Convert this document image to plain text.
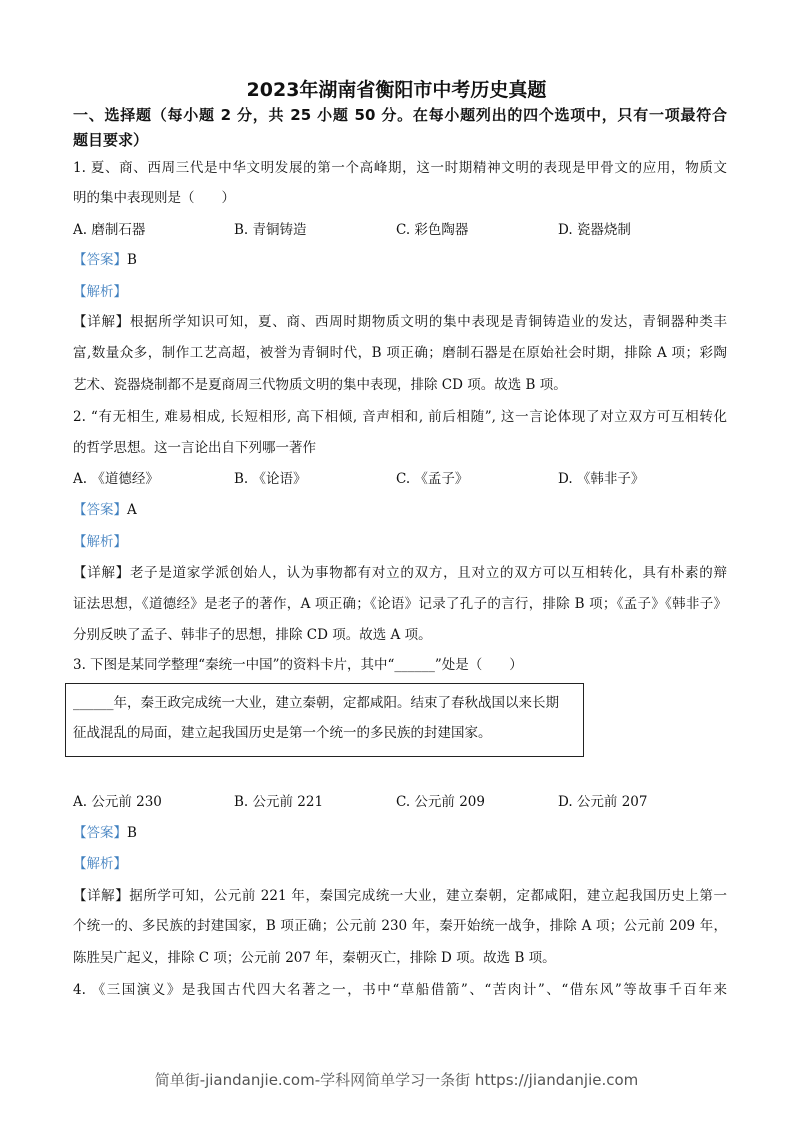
2023年湖南省衡阳市中考历史真题
一、选择题（每小题 2 分，共 25 小题 50 分。在每小题列出的四个选项中，只有一项最符合
题目要求）
1. 夏、商、西周三代是中华文明发展的第一个高峰期，这一时期精神文明的表现是甲骨文的应用，物质文
明的集中表现则是（　　）
A. 磨制石器	B. 青铜铸造	C. 彩色陶器	D. 瓷器烧制
【答案】B
【解析】
【详解】根据所学知识可知，夏、商、西周时期物质文明的集中表现是青铜铸造业的发达，青铜器种类丰
富,数量众多，制作工艺高超，被誉为青铜时代，B 项正确；磨制石器是在原始社会时期，排除 A 项；彩陶
艺术、瓷器烧制都不是夏商周三代物质文明的集中表现，排除 CD 项。故选 B 项。
2. “有无相生, 难易相成, 长短相形, 高下相倾, 音声相和, 前后相随”, 这一言论体现了对立双方可互相转化
的哲学思想。这一言论出自下列哪一著作
A. 《道德经》	B. 《论语》	C. 《孟子》	D. 《韩非子》
【答案】A
【解析】
【详解】老子是道家学派创始人，认为事物都有对立的双方，且对立的双方可以互相转化，具有朴素的辩
证法思想，《道德经》是老子的著作，A 项正确；《论语》记录了孔子的言行，排除 B 项；《孟子》《韩非子》
分别反映了孟子、韩非子的思想，排除 CD 项。故选 A 项。
3. 下图是某同学整理“秦统一中国”的资料卡片，其中“______”处是（　　）
______年，秦王政完成统一大业，建立秦朝，定都咸阳。结束了春秋战国以来长期
征战混乱的局面，建立起我国历史是第一个统一的多民族的封建国家。
A. 公元前 230	B. 公元前 221	C. 公元前 209	D. 公元前 207
【答案】B
【解析】
【详解】据所学可知，公元前 221 年，秦国完成统一大业，建立秦朝，定都咸阳，建立起我国历史上第一
个统一的、多民族的封建国家，B 项正确；公元前 230 年，秦开始统一战争，排除 A 项；公元前 209 年，
陈胜吴广起义，排除 C 项；公元前 207 年，秦朝灭亡，排除 D 项。故选 B 项。
4. 《三国演义》是我国古代四大名著之一，书中“草船借箭”、“苦肉计”、“借东风”等故事千百年来
简单街-jiandanjie.com-学科网简单学习一条街 https://jiandanjie.com
